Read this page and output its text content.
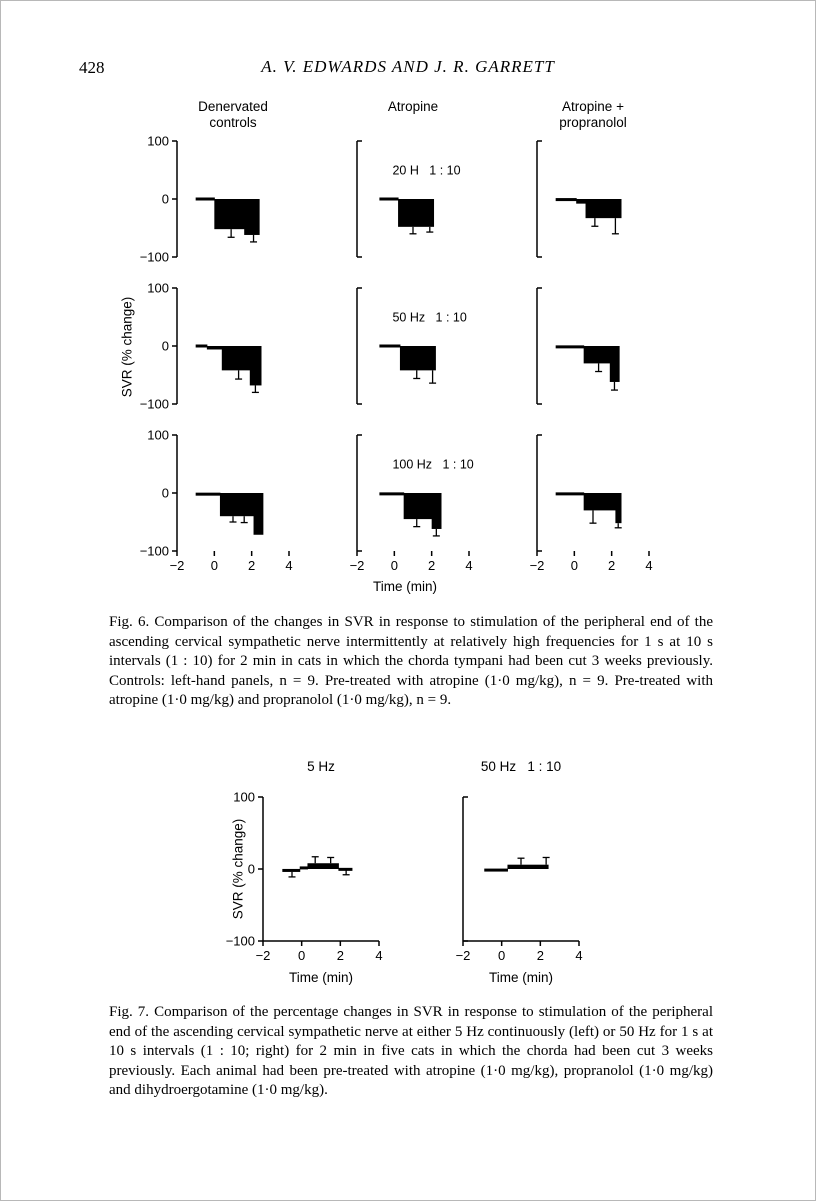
428	A. V. EDWARDS AND J. R. GARRETT
SVR (% change)
Denervated
controls
Atropine	Atropine +
propranolol
100
0
−100
20 H   1 : 10
100
0
−100
50 Hz   1 : 10
100
0
−100
−2 0 2 4	−2 0 2 4
100 Hz   1 : 10
−2 0 2 4
Time (min)

Fig. 6. Comparison of the changes in SVR in response to stimulation of the peripheral end of the ascending cervical sympathetic nerve intermittently at relatively high frequencies for 1 s at 10 s intervals (1 : 10) for 2 min in cats in which the chorda tympani had been cut 3 weeks previously. Controls: left-hand panels, n = 9. Pre-treated with atropine (1·0 mg/kg), n = 9. Pre-treated with atropine (1·0 mg/kg) and propranolol (1·0 mg/kg), n = 9.

SVR (% change)
5 Hz	50 Hz   1 : 10
100
0
−100
−2 0 2 4
Time (min)
−2 0 2 4
Time (min)

Fig. 7. Comparison of the percentage changes in SVR in response to stimulation of the peripheral end of the ascending cervical sympathetic nerve at either 5 Hz continuously (left) or 50 Hz for 1 s at 10 s intervals (1 : 10; right) for 2 min in five cats in which the chorda had been cut 3 weeks previously. Each animal had been pre-treated with atropine (1·0 mg/kg), propranolol (1·0 mg/kg) and dihydroergotamine (1·0 mg/kg).
